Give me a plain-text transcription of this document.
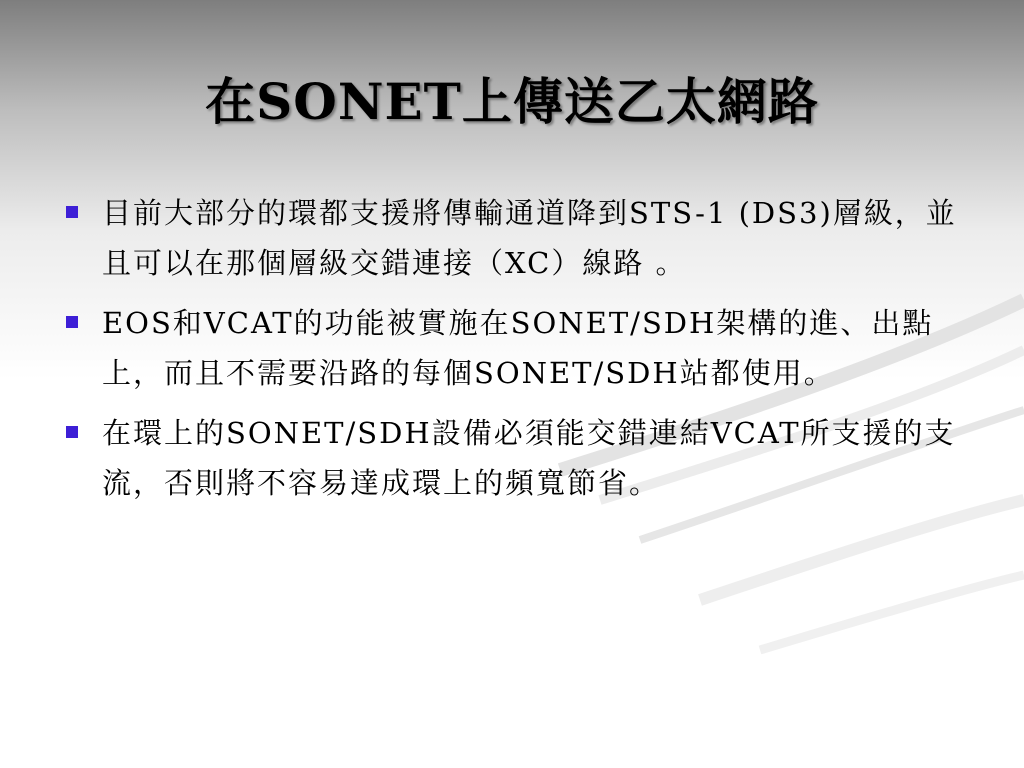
在SONET上傳送乙太網路
目前大部分的環都支援將傳輸通道降到STS-1 (DS3)層級，並且可以在那個層級交錯連接（XC）線路 。
EOS和VCAT的功能被實施在SONET/SDH架構的進、出點上，而且不需要沿路的每個SONET/SDH站都使用。
在環上的SONET/SDH設備必須能交錯連結VCAT所支援的支流，否則將不容易達成環上的頻寬節省。
